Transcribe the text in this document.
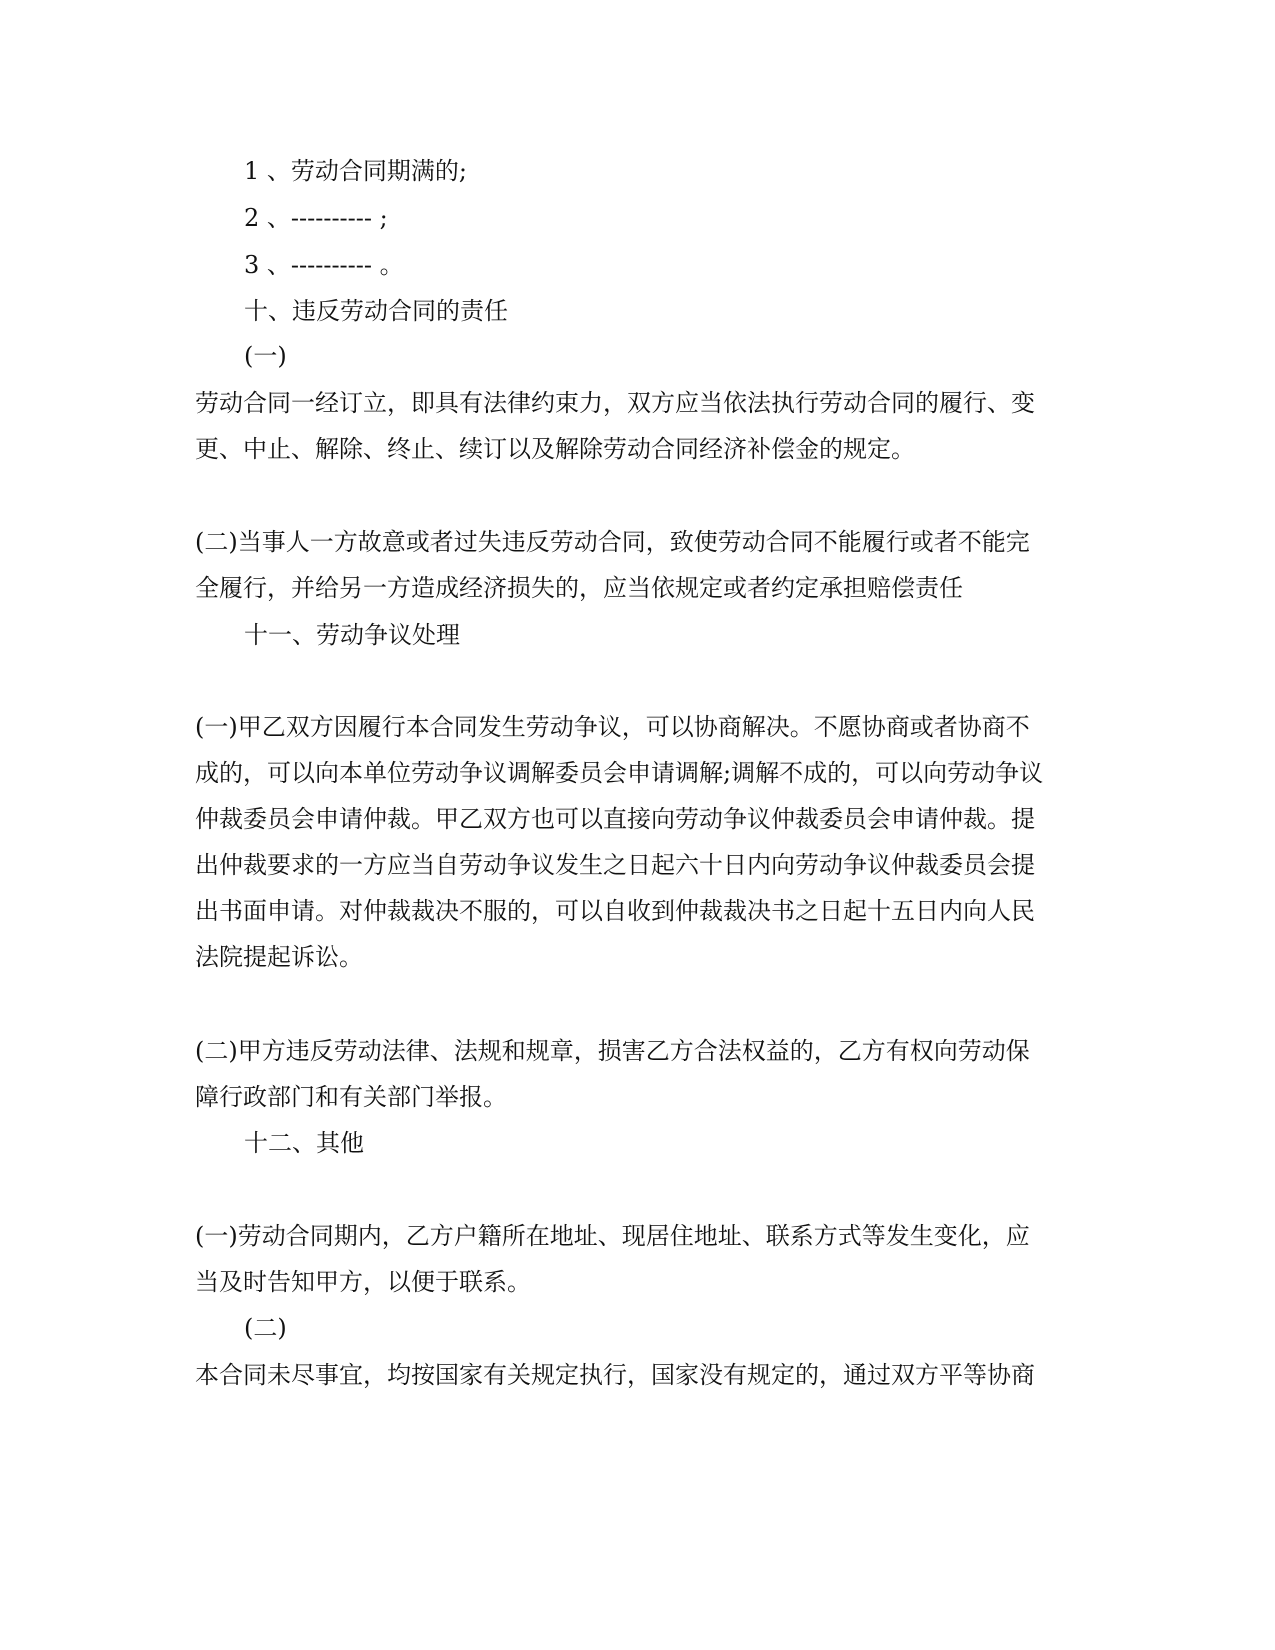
1 、劳动合同期满的;

2 、---------- ;

3 、---------- 。

十、违反劳动合同的责任

(一)

劳动合同一经订立，即具有法律约束力，双方应当依法执行劳动合同的履行、变

更、中止、解除、终止、续订以及解除劳动合同经济补偿金的规定。

(二)当事人一方故意或者过失违反劳动合同，致使劳动合同不能履行或者不能完

全履行，并给另一方造成经济损失的，应当依规定或者约定承担赔偿责任

十一、劳动争议处理

(一)甲乙双方因履行本合同发生劳动争议，可以协商解决。不愿协商或者协商不

成的，可以向本单位劳动争议调解委员会申请调解;调解不成的，可以向劳动争议

仲裁委员会申请仲裁。甲乙双方也可以直接向劳动争议仲裁委员会申请仲裁。提

出仲裁要求的一方应当自劳动争议发生之日起六十日内向劳动争议仲裁委员会提

出书面申请。对仲裁裁决不服的，可以自收到仲裁裁决书之日起十五日内向人民

法院提起诉讼。

(二)甲方违反劳动法律、法规和规章，损害乙方合法权益的，乙方有权向劳动保

障行政部门和有关部门举报。

十二、其他

(一)劳动合同期内，乙方户籍所在地址、现居住地址、联系方式等发生变化，应

当及时告知甲方，以便于联系。

(二)

本合同未尽事宜，均按国家有关规定执行，国家没有规定的，通过双方平等协商
